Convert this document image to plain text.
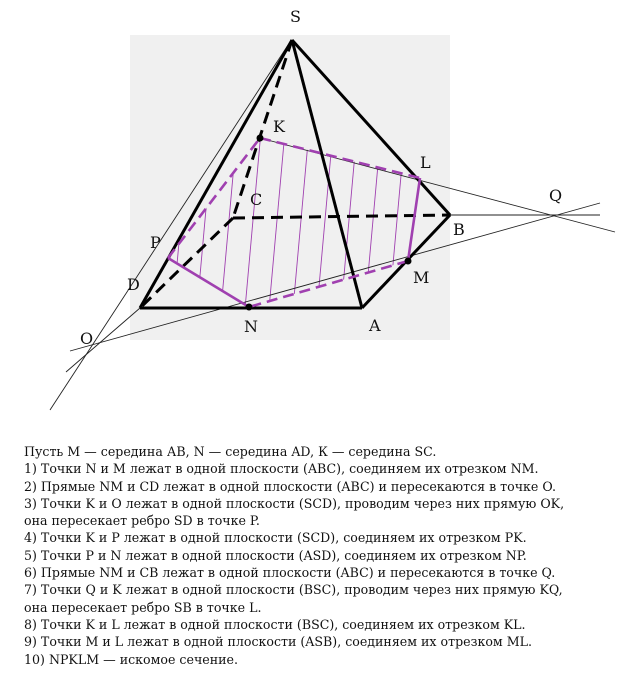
S
K
L
Q
C
B
P
D	M
O
N	A
Пусть М — середина АВ, N — середина AD, К — середина SC.
1) Точки N и M лежат в одной плоскости (ABC), соединяем их отрезком NM.
2) Прямые NM и CD лежат в одной плоскости (ABC) и пересекаются в точке O.
3) Точки K и O лежат в одной плоскости (SCD), проводим через них прямую OK,
она пересекает ребро SD в точке P.
4) Точки K и P лежат в одной плоскости (SCD), соединяем их отрезком PK.
5) Точки P и N лежат в одной плоскости (ASD), соединяем их отрезком NP.
6) Прямые NM и CB лежат в одной плоскости (ABC) и пересекаются в точке Q.
7) Точки Q и K лежат в одной плоскости (BSC), проводим через них прямую KQ,
она пересекает ребро SB в точке L.
8) Точки K и L лежат в одной плоскости (BSC), соединяем их отрезком KL.
9) Точки M и L лежат в одной плоскости (ASB), соединяем их отрезком ML.
10) NPKLM — искомое сечение.
